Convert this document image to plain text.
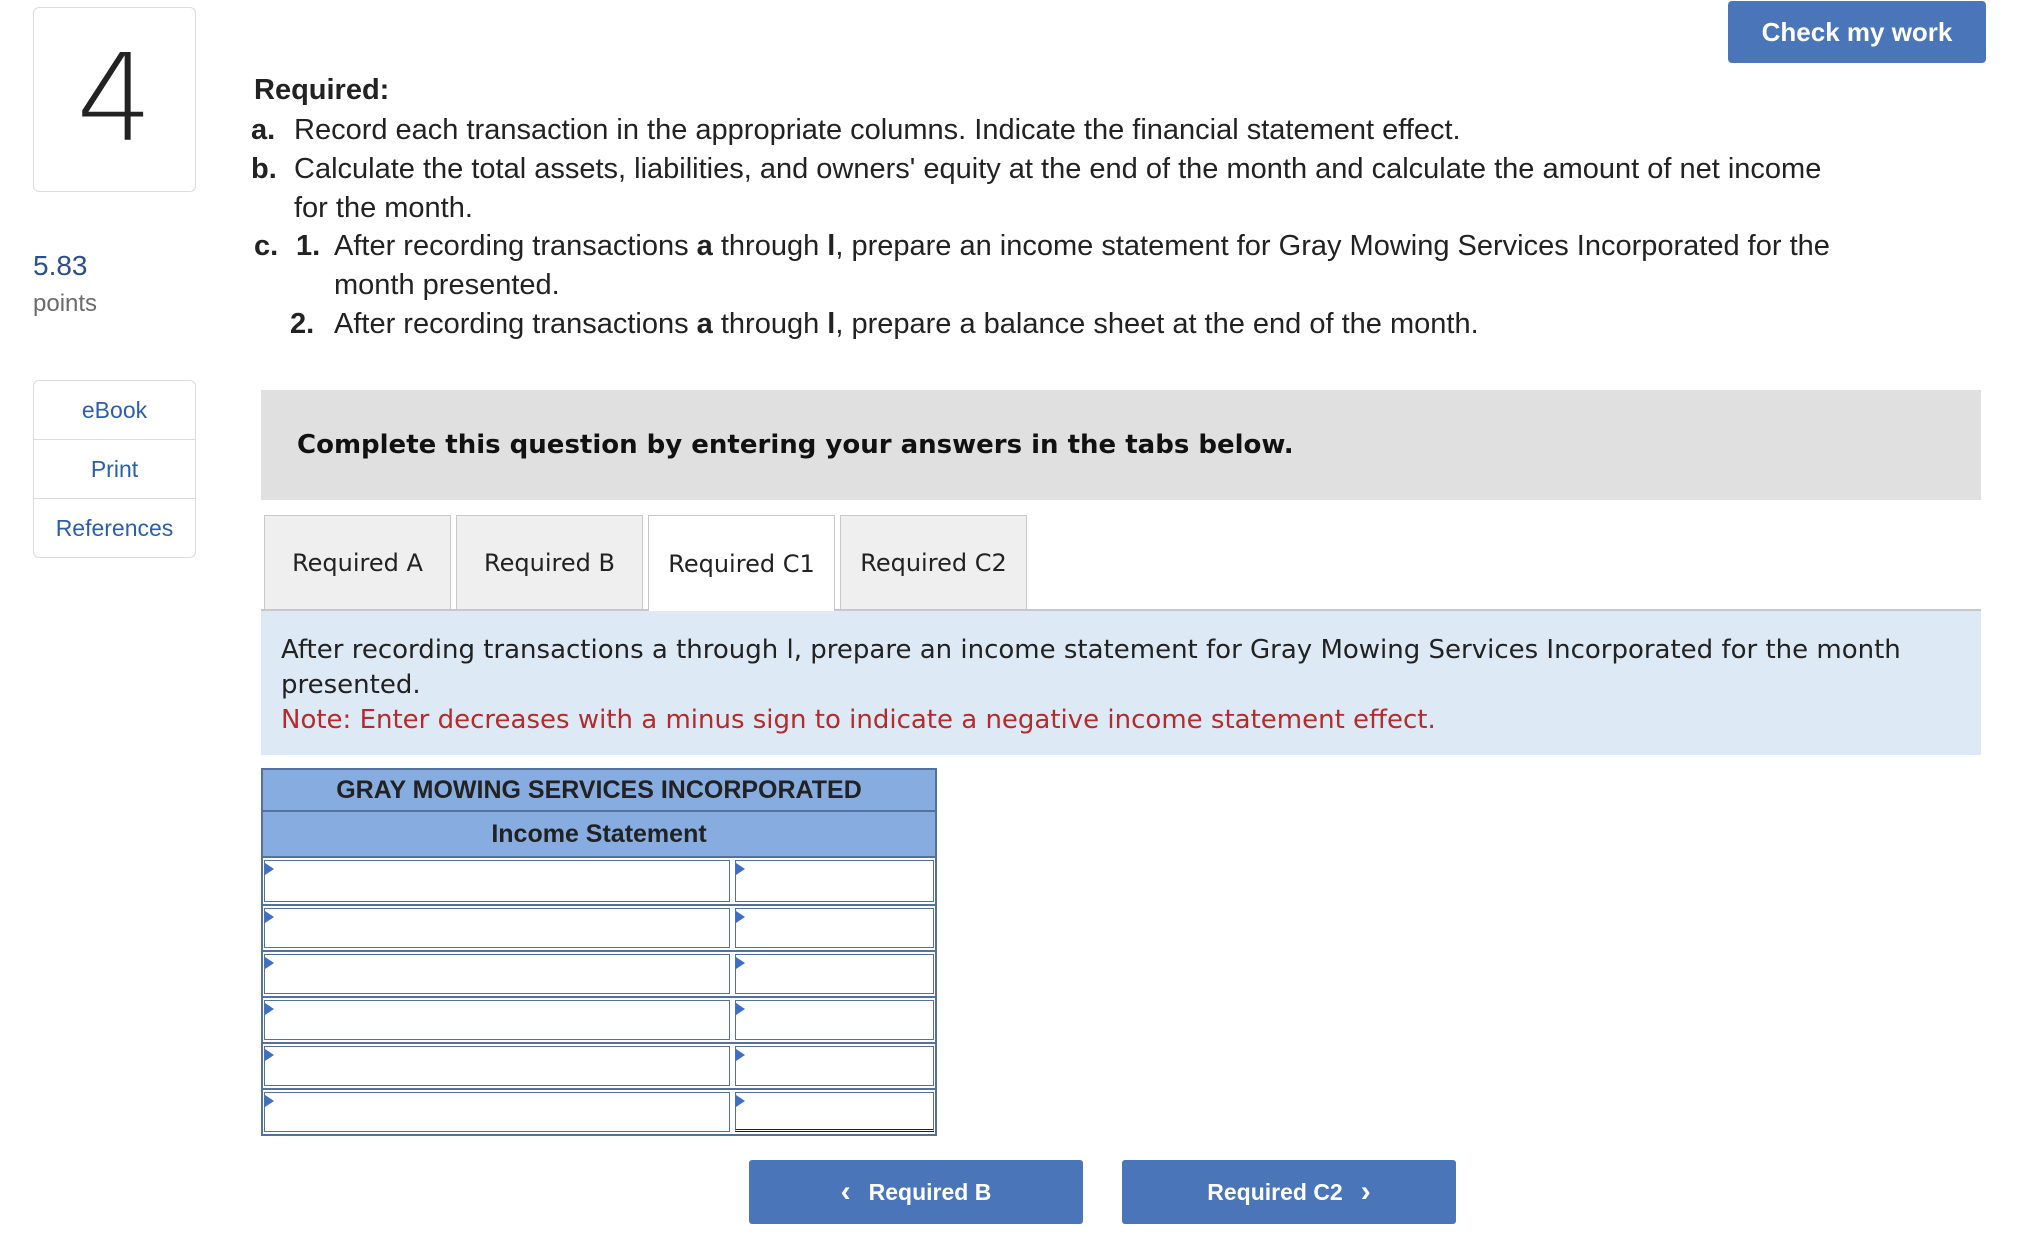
4
5.83
points
eBook
Print
References
Check my work
Required:
a. Record each transaction in the appropriate columns. Indicate the financial statement effect.
b. Calculate the total assets, liabilities, and owners' equity at the end of the month and calculate the amount of net income
for the month.
c. 1. After recording transactions a through l, prepare an income statement for Gray Mowing Services Incorporated for the
month presented.
2. After recording transactions a through l, prepare a balance sheet at the end of the month.
Complete this question by entering your answers in the tabs below.
Required A	Required B	Required C1	Required C2
After recording transactions a through l, prepare an income statement for Gray Mowing Services Incorporated for the month presented.
Note: Enter decreases with a minus sign to indicate a negative income statement effect.
GRAY MOWING SERVICES INCORPORATED
Income Statement
‹ Required B	Required C2 ›
